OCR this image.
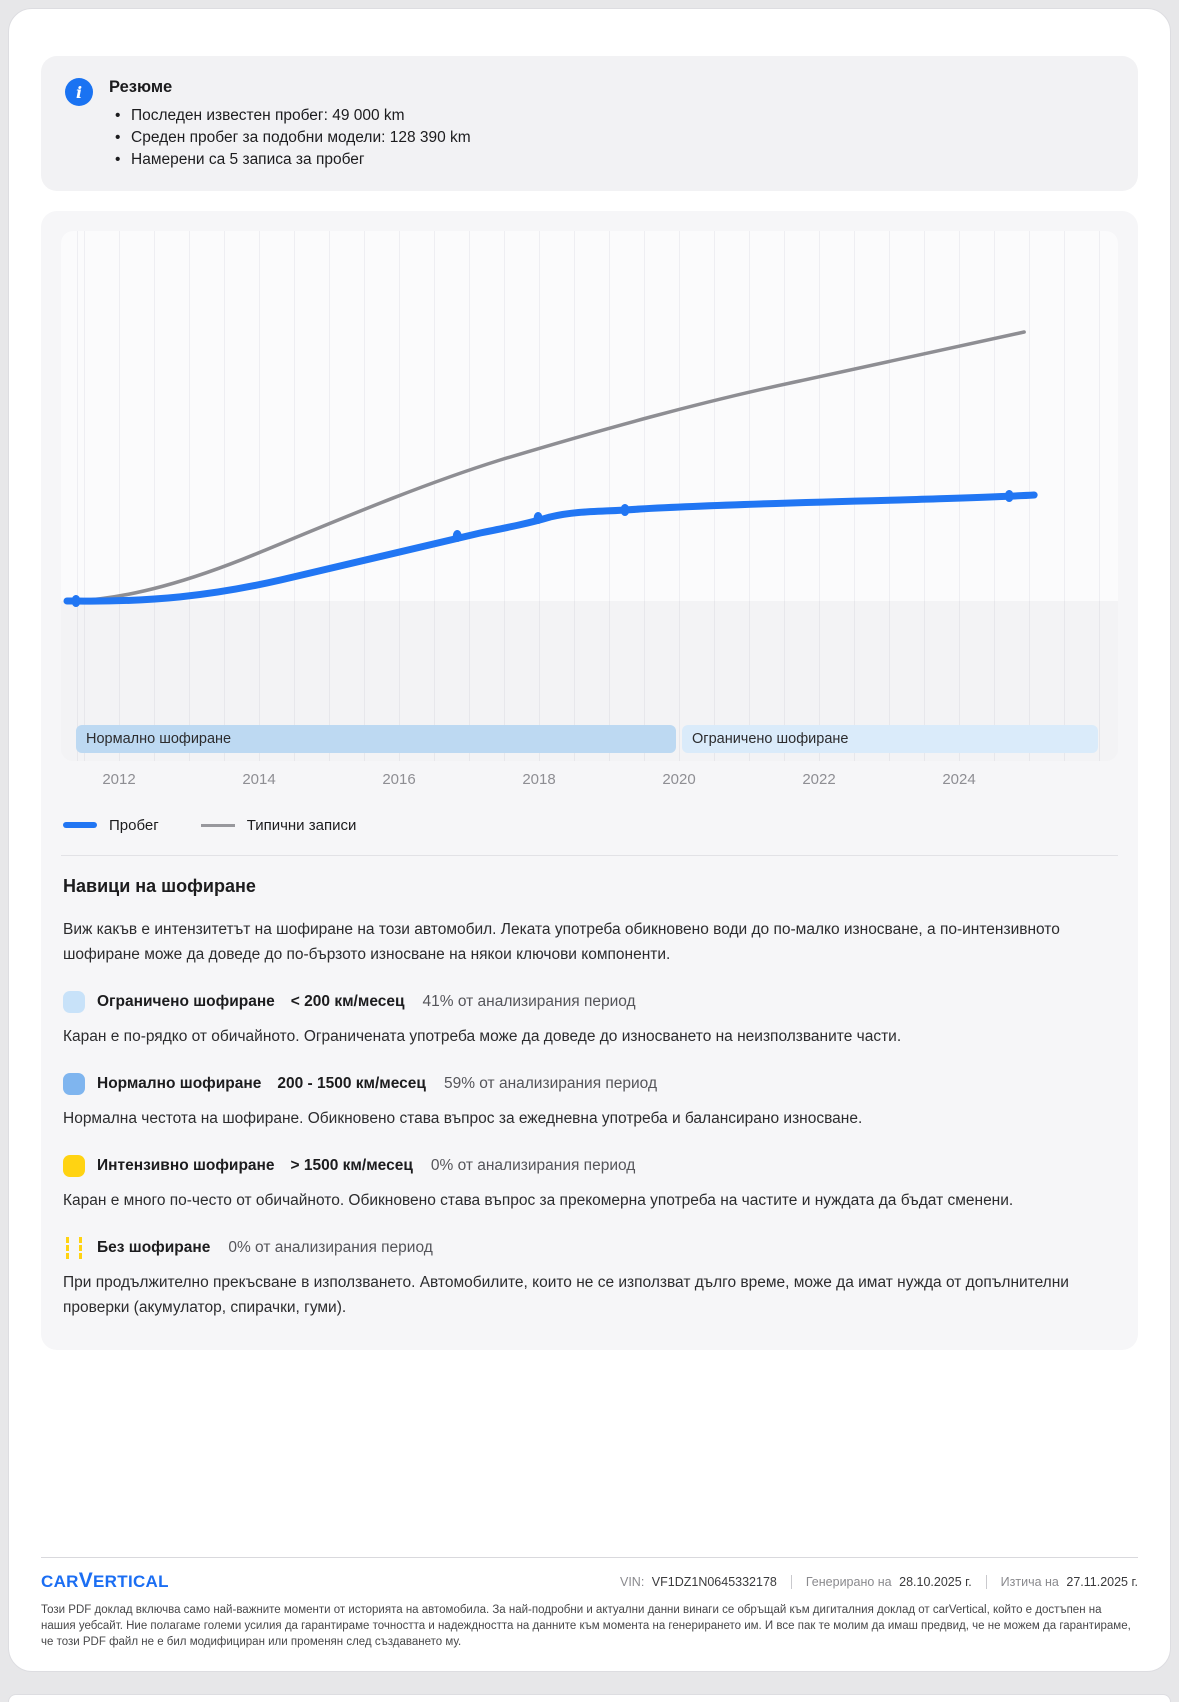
i	Резюме
• Последен известен пробег: 49 000 km
• Среден пробег за подобни модели: 128 390 km
• Намерени са 5 записа за пробег
Нормално шофиране	Ограничено шофиране
2012	2014	2016	2018	2020	2022	2024
Пробег	Типични записи
Навици на шофиране
Виж какъв е интензитетът на шофиране на този автомобил. Леката употреба обикновено води до по-малко износване, а по-интензивното шофиране може да доведе до по-бързото износване на някои ключови компоненти.
Ограничено шофиране < 200 км/месец 41% от анализирания период
Каран е по-рядко от обичайното. Ограничената употреба може да доведе до износването на неизползваните части.
Нормално шофиране 200 - 1500 км/месец 59% от анализирания период
Нормална честота на шофиране. Обикновено става въпрос за ежедневна употреба и балансирано износване.
Интензивно шофиране > 1500 км/месец 0% от анализирания период
Каран е много по-често от обичайното. Обикновено става въпрос за прекомерна употреба на частите и нуждата да бъдат сменени.
Без шофиране 0% от анализирания период
При продължително прекъсване в използването. Автомобилите, които не се използват дълго време, може да имат нужда от допълнителни проверки (акумулатор, спирачки, гуми).
CAR V ERTICAL	VIN: VF1DZ1N0645332178 Генерирано на 28.10.2025 г. Изтича на 27.11.2025 г.
Този PDF доклад включва само най-важните моменти от историята на автомобила. За най-подробни и актуални данни винаги се обръщай към дигиталния доклад от carVertical, който е достъпен на нашия уебсайт. Ние полагаме големи усилия да гарантираме точността и надеждността на данните към момента на генерирането им. И все пак те молим да имаш предвид, че не можем да гарантираме, че този PDF файл не е бил модифициран или променян след създаването му.
